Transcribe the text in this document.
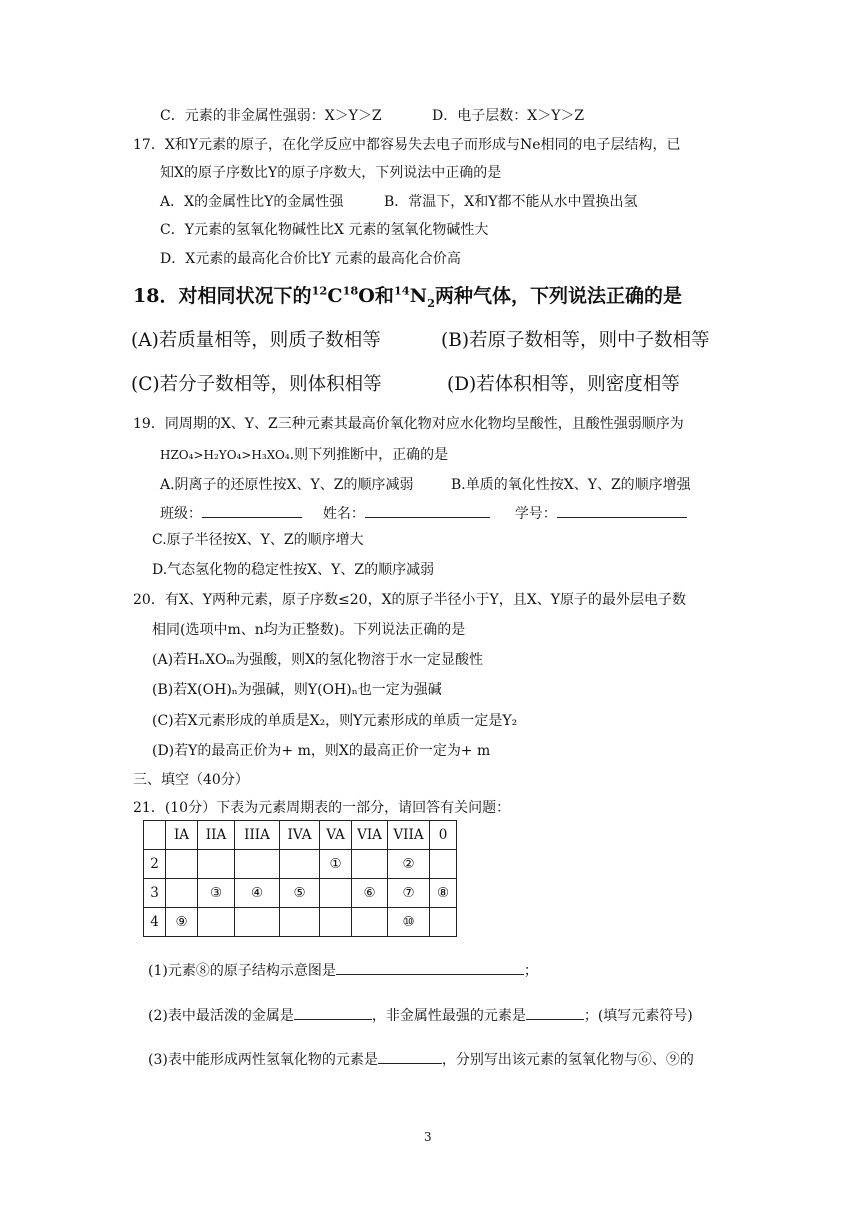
C．元素的非金属性强弱：X＞Y＞Z	D．电子层数：X＞Y＞Z
17．X和Y元素的原子，在化学反应中都容易失去电子而形成与Ne相同的电子层结构，已
知X的原子序数比Y的原子序数大，下列说法中正确的是
A．X的金属性比Y的金属性强	B．常温下，X和Y都不能从水中置换出氢
C．Y元素的氢氧化物碱性比X 元素的氢氧化物碱性大
D．X元素的最高化合价比Y 元素的最高化合价高
18．对相同状况下的$^{12}C^{18}O$和$^{14}N_2$两种气体，下列说法正确的是
(A)若质量相等，则质子数相等	(B)若原子数相等，则中子数相等
(C)若分子数相等，则体积相等	(D)若体积相等，则密度相等
19．同周期的X、Y、Z三种元素其最高价氧化物对应水化物均呈酸性，且酸性强弱顺序为
HZO₄>H₂YO₄>H₃XO₄.则下列推断中，正确的是
A.阴离子的还原性按X、Y、Z的顺序减弱	B.单质的氧化性按X、Y、Z的顺序增强
班级：	姓名：	学号：
C.原子半径按X、Y、Z的顺序增大
D.气态氢化物的稳定性按X、Y、Z的顺序减弱
20．有X、Y两种元素，原子序数≤20，X的原子半径小于Y，且X、Y原子的最外层电子数
相同(选项中m、n均为正整数)。下列说法正确的是
(A)若HₙXOₘ为强酸，则X的氢化物溶于水一定显酸性
(B)若X(OH)ₙ为强碱，则Y(OH)ₙ也一定为强碱
(C)若X元素形成的单质是X₂，则Y元素形成的单质一定是Y₂
(D)若Y的最高正价为+ m，则X的最高正价一定为+ m
三、填空（40分）
21．(10分）下表为元素周期表的一部分，请回答有关问题：
	IA	IIA	IIIA	IVA	VA	VIA	VIIA	0
2					①		②	
3		③	④	⑤		⑥	⑦	⑧
4	⑨						⑩	
(1)元素⑧的原子结构示意图是	；
(2)表中最活泼的金属是	，非金属性最强的元素是	；(填写元素符号)
(3)表中能形成两性氢氧化物的元素是	，分别写出该元素的氢氧化物与⑥、⑨的
3
